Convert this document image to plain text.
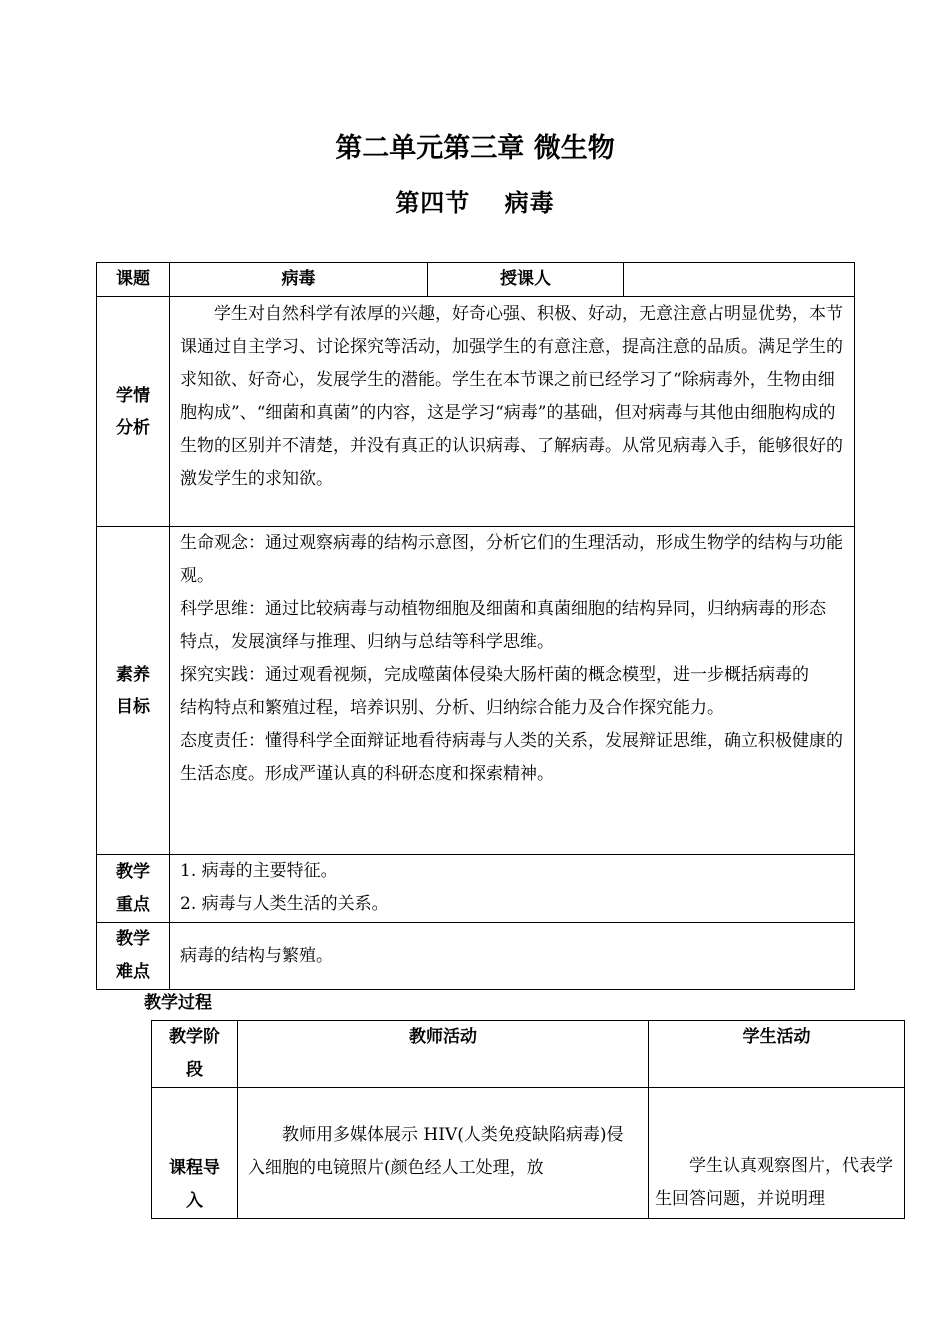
第二单元第三章 微生物
第四节　 病毒
课题	病毒	授课人	
学情分析	学生对自然科学有浓厚的兴趣，好奇心强、积极、好动，无意注意占明显优势，本节课通过自主学习、讨论探究等活动，加强学生的有意注意，提高注意的品质。满足学生的求知欲、好奇心，发展学生的潜能。学生在本节课之前已经学习了“除病毒外，生物由细胞构成”、“细菌和真菌”的内容，这是学习“病毒”的基础，但对病毒与其他由细胞构成的生物的区别并不清楚，并没有真正的认识病毒、了解病毒。从常见病毒入手，能够很好的激发学生的求知欲。		

素养目标	生命观念：通过观察病毒的结构示意图，分析它们的生理活动，形成生物学的结构与功能观。

科学思维：通过比较病毒与动植物细胞及细菌和真菌细胞的结构异同，归纳病毒的形态

特点，发展演绎与推理、归纳与总结等科学思维。

探究实践：通过观看视频，完成噬菌体侵染大肠杆菌的概念模型，进一步概括病毒的结构特点和繁殖过程，培养识别、分析、归纳综合能力及合作探究能力。

态度责任：懂得科学全面辩证地看待病毒与人类的关系，发展辩证思维，确立积极健康的生活态度。形成严谨认真的科研态度和探索精神。		

教学重点	1. 病毒的主要特征。

2. 病毒与人类生活的关系。		

教学难点	病毒的结构与繁殖。		

教学过程
教学阶段	教师活动	学生活动
课程导入	教师用多媒体展示 HIV(人类免疫缺陷病毒)侵入细胞的电镜照片(颜色经人工处理，放	学生认真观察图片，代表学生回答问题，并说明理
